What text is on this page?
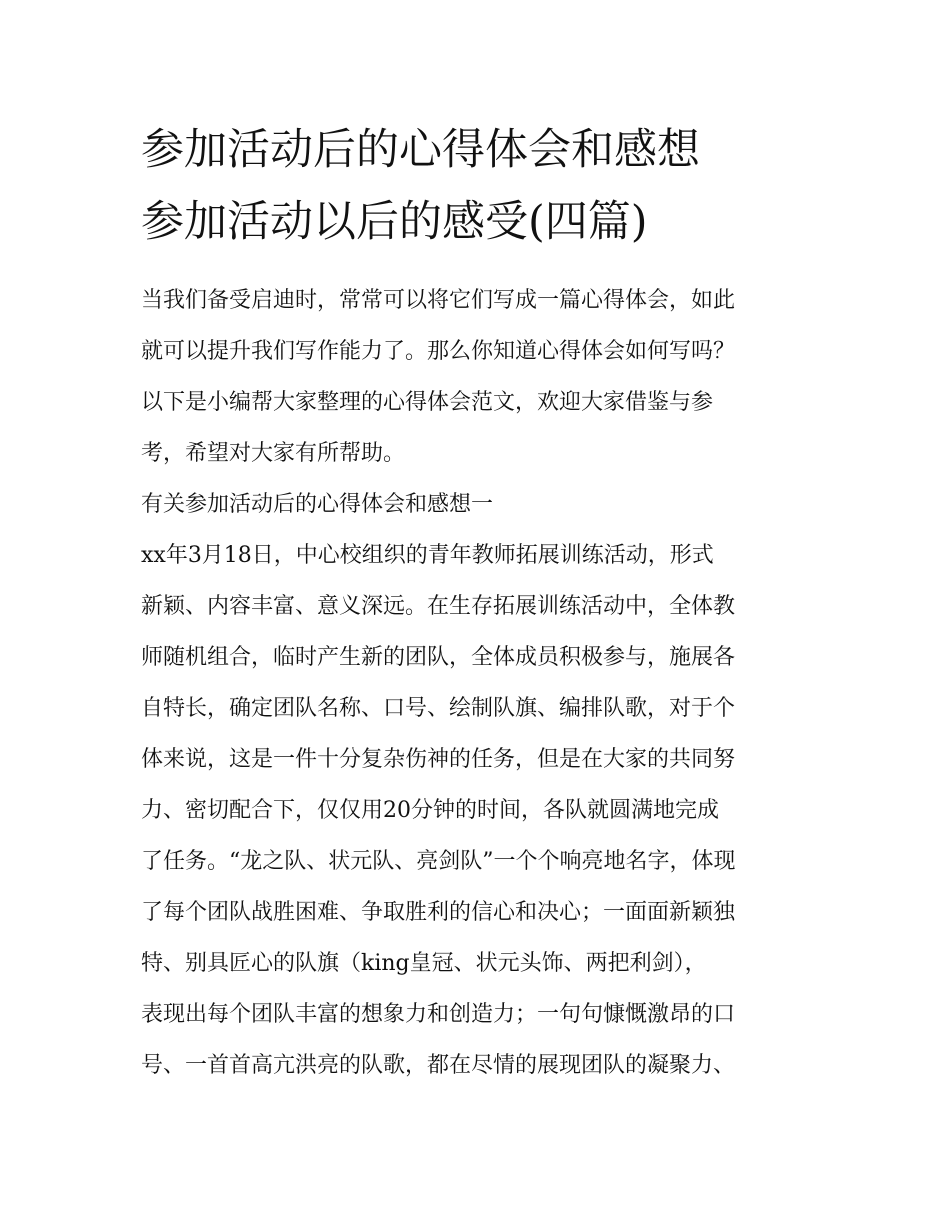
参加活动后的心得体会和感想
参加活动以后的感受(四篇)
当我们备受启迪时，常常可以将它们写成一篇心得体会，如此
就可以提升我们写作能力了。那么你知道心得体会如何写吗？
以下是小编帮大家整理的心得体会范文，欢迎大家借鉴与参
考，希望对大家有所帮助。
有关参加活动后的心得体会和感想一
xx年3月18日，中心校组织的青年教师拓展训练活动，形式
新颖、内容丰富、意义深远。在生存拓展训练活动中，全体教
师随机组合，临时产生新的团队，全体成员积极参与，施展各
自特长，确定团队名称、口号、绘制队旗、编排队歌，对于个
体来说，这是一件十分复杂伤神的任务，但是在大家的共同努
力、密切配合下，仅仅用20分钟的时间，各队就圆满地完成
了任务。“龙之队、状元队、亮剑队”一个个响亮地名字，体现
了每个团队战胜困难、争取胜利的信心和决心；一面面新颖独
特、别具匠心的队旗（king皇冠、状元头饰、两把利剑），
表现出每个团队丰富的想象力和创造力；一句句慷慨激昂的口
号、一首首高亢洪亮的队歌，都在尽情的展现团队的凝聚力、
